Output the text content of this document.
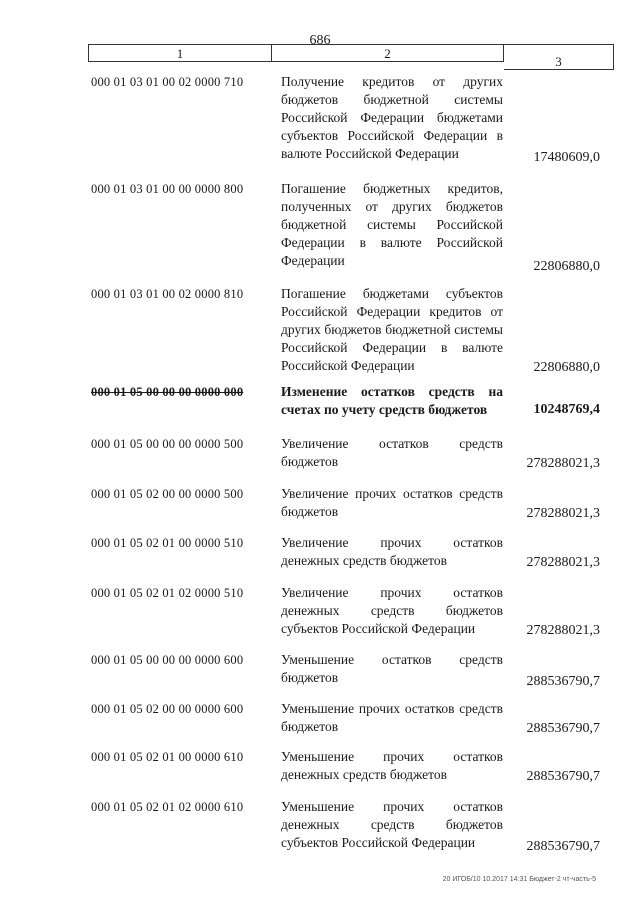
686
1	2
3
000 01 03 01 00 02 0000 710	Получение кредитов от других бюджетов бюджетной системы Российской Федерации бюджетами субъектов Российской Федерации в валюте Российской Федерации	17480609,0
000 01 03 01 00 00 0000 800	Погашение бюджетных кредитов, полученных от других бюджетов бюджетной системы Российской Федерации в валюте Российской Федерации	22806880,0
000 01 03 01 00 02 0000 810	Погашение бюджетами субъектов Российской Федерации кредитов от других бюджетов бюджетной системы Российской Федерации в валюте Российской Федерации	22806880,0
000 01 05 00 00 00 0000 000	Изменение остатков средств на счетах по учету средств бюджетов	10248769,4
000 01 05 00 00 00 0000 500	Увеличение остатков средств бюджетов	278288021,3
000 01 05 02 00 00 0000 500	Увеличение прочих остатков средств бюджетов	278288021,3
000 01 05 02 01 00 0000 510	Увеличение прочих остатков денежных средств бюджетов	278288021,3
000 01 05 02 01 02 0000 510	Увеличение прочих остатков денежных средств бюджетов субъектов Российской Федерации	278288021,3
000 01 05 00 00 00 0000 600	Уменьшение остатков средств бюджетов	288536790,7
000 01 05 02 00 00 0000 600	Уменьшение прочих остатков средств бюджетов	288536790,7
000 01 05 02 01 00 0000 610	Уменьшение прочих остатков денежных средств бюджетов	288536790,7
000 01 05 02 01 02 0000 610	Уменьшение прочих остатков денежных средств бюджетов субъектов Российской Федерации	288536790,7
20 ИГОБ/10 10.2017 14:31 Бюджет-2 чт-часть-5
